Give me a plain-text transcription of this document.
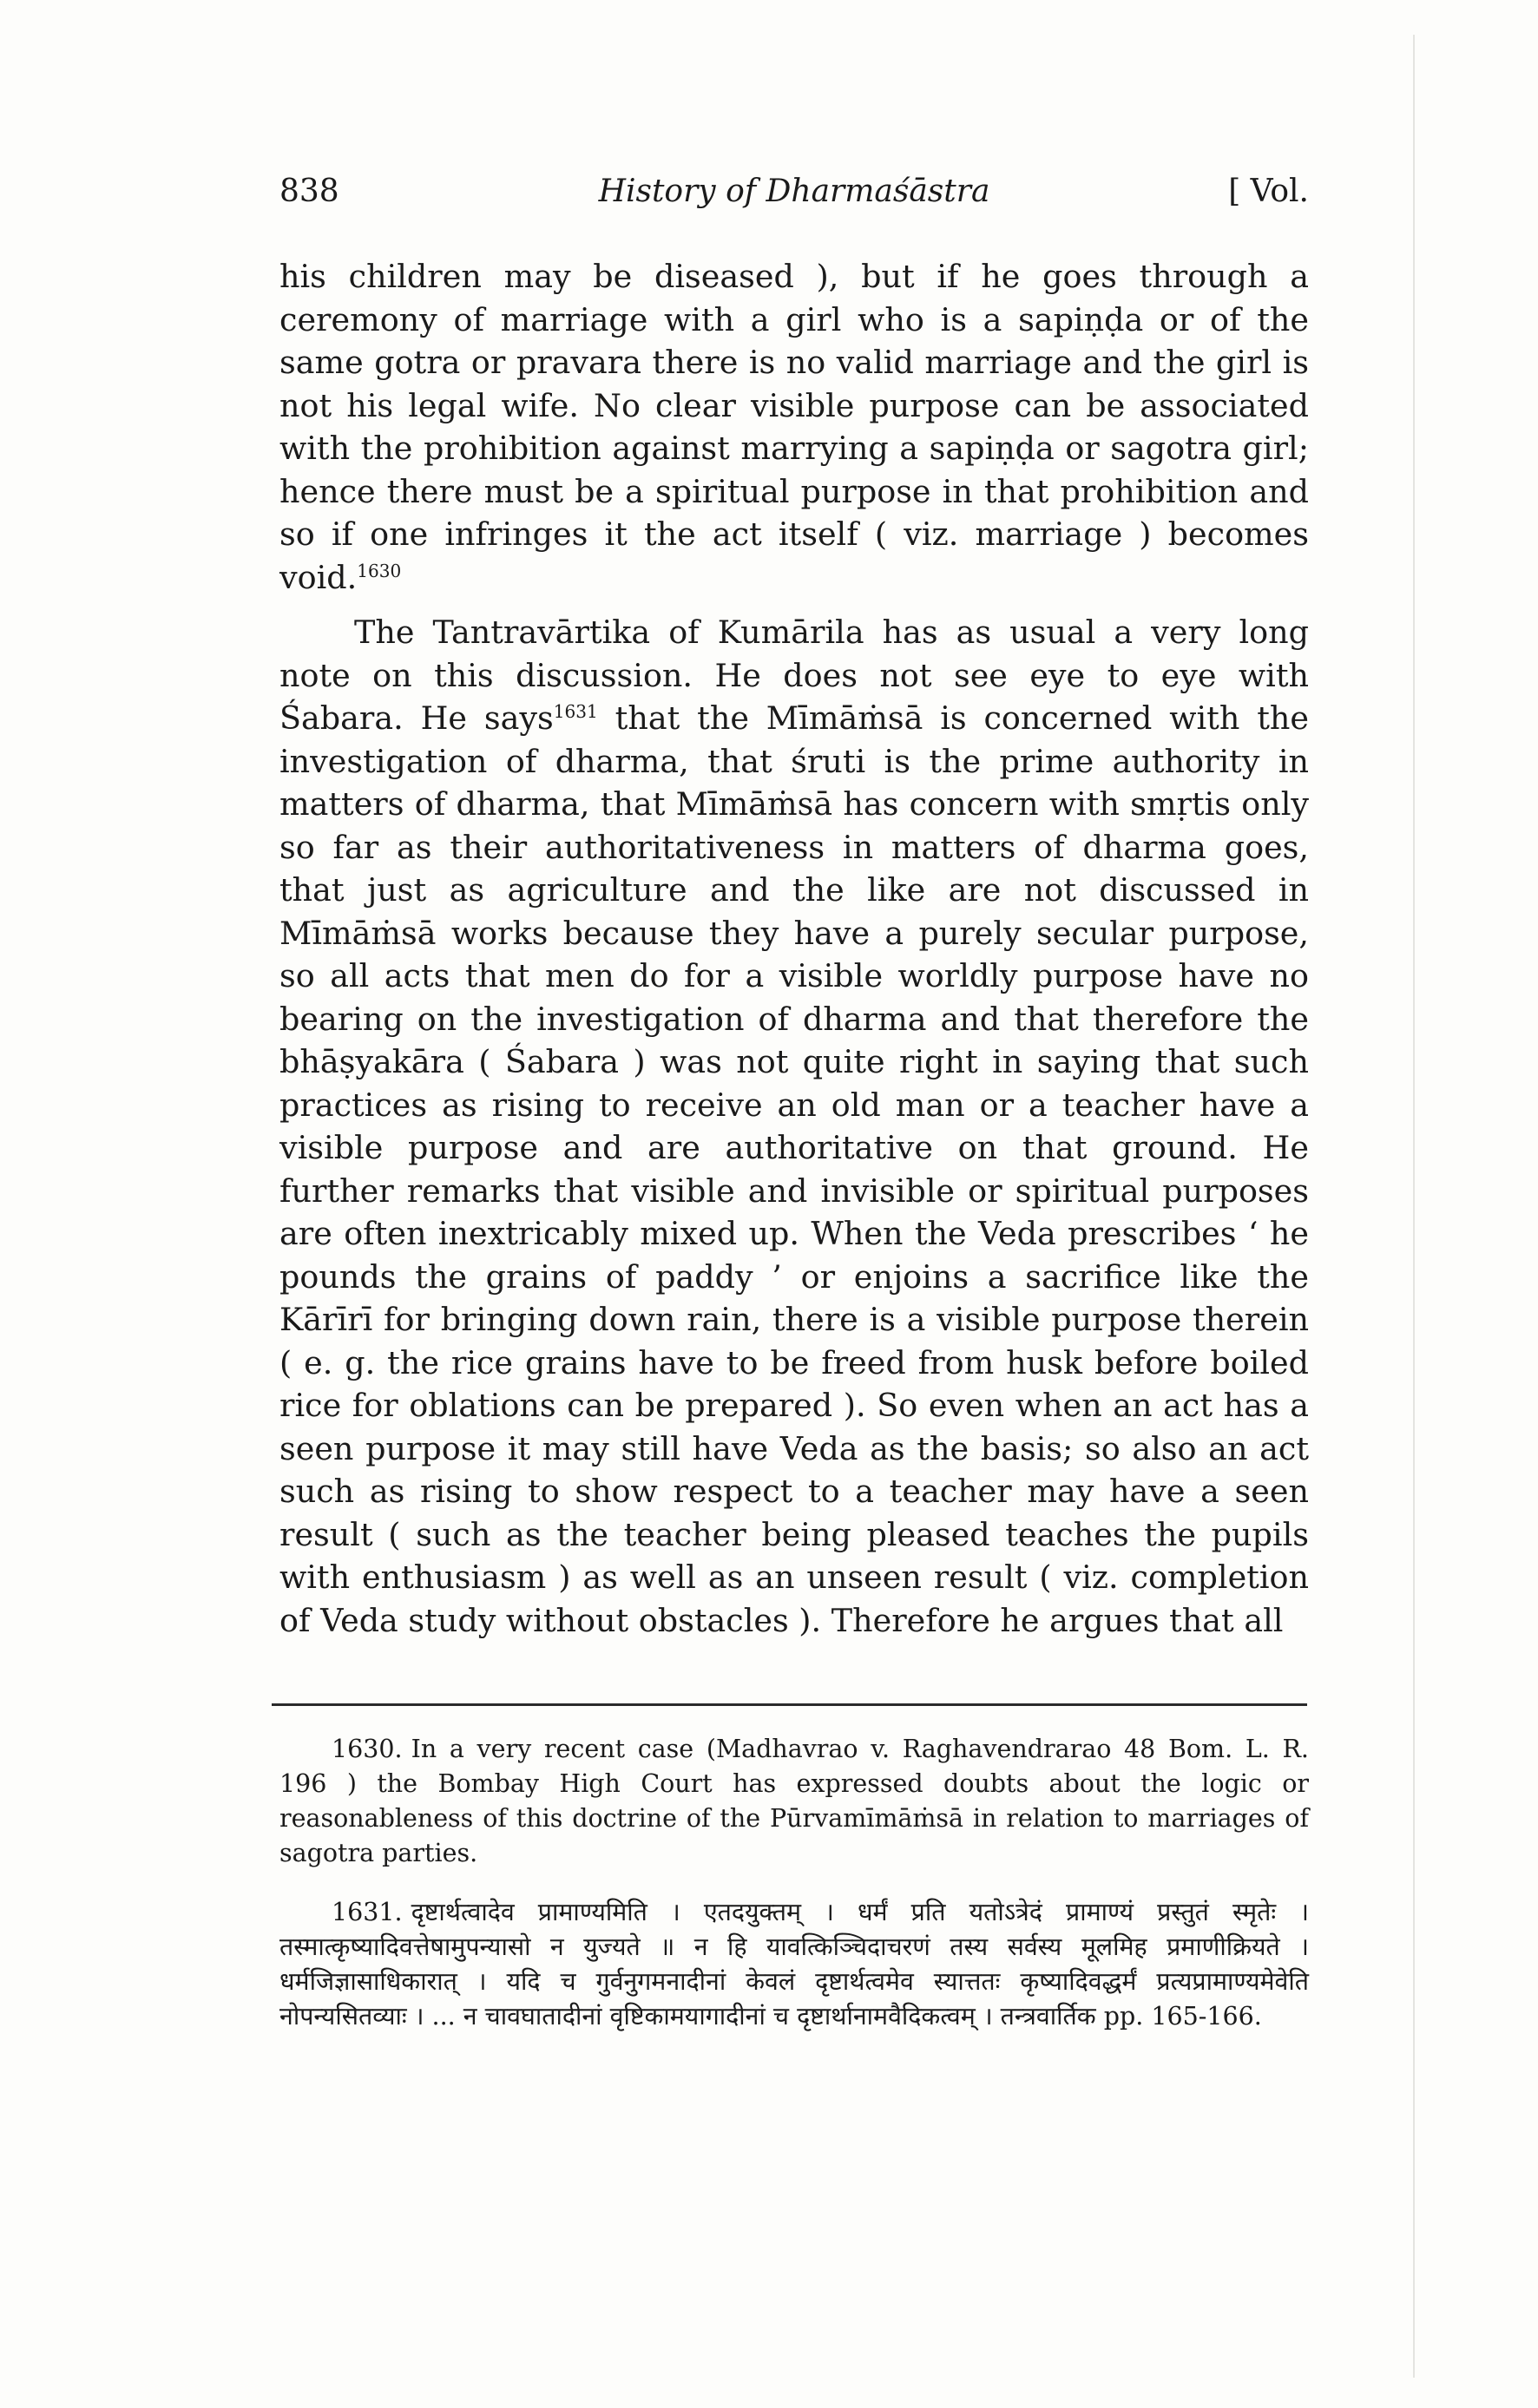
838	History of Dharmaśāstra	[ Vol.

his children may be diseased ), but if he goes through a ceremony of marriage with a girl who is a sapiṇḍa or of the same gotra or pravara there is no valid marriage and the girl is not his legal wife. No clear visible purpose can be associated with the prohibition against marrying a sapiṇḍa or sagotra girl; hence there must be a spiritual purpose in that prohibition and so if one infringes it the act itself ( viz. marriage ) becomes void.$^{1630}$

The Tantravārtika of Kumārila has as usual a very long note on this discussion. He does not see eye to eye with Śabara. He says$^{1631}$ that the Mīmāṁsā is concerned with the investigation of dharma, that śruti is the prime authority in matters of dharma, that Mīmāṁsā has concern with smṛtis only so far as their authoritativeness in matters of dharma goes, that just as agriculture and the like are not discussed in Mīmāṁsā works because they have a purely secular purpose, so all acts that men do for a visible worldly purpose have no bearing on the investigation of dharma and that therefore the bhāṣyakāra ( Śabara ) was not quite right in saying that such practices as rising to receive an old man or a teacher have a visible purpose and are authoritative on that ground. He further remarks that visible and invisible or spiritual purposes are often inextricably mixed up. When the Veda prescribes ‘ he pounds the grains of paddy ’ or enjoins a sacrifice like the Kārīrī for bringing down rain, there is a visible purpose therein ( e. g. the rice grains have to be freed from husk before boiled rice for oblations can be prepared ). So even when an act has a seen purpose it may still have Veda as the basis; so also an act such as rising to show respect to a teacher may have a seen result ( such as the teacher being pleased teaches the pupils with enthusiasm ) as well as an unseen result ( viz. completion of Veda study without obstacles ). Therefore he argues that all

1630. In a very recent case (Madhavrao v. Raghavendrarao 48 Bom. L. R. 196 ) the Bombay High Court has expressed doubts about the logic or reasonableness of this doctrine of the Pūrvamīmāṁsā in relation to marriages of sagotra parties.

1631. दृष्टार्थत्वादेव प्रामाण्यमिति । एतदयुक्तम् । धर्मं प्रति यतोऽत्रेदं प्रामाण्यं प्रस्तुतं स्मृतेः । तस्मात्कृष्यादिवत्तेषामुपन्यासो न युज्यते ॥ न हि यावत्किञ्चिदाचरणं तस्य सर्वस्य मूलमिह प्रमाणीक्रियते । धर्मजिज्ञासाधिकारात् । यदि च गुर्वनुगमनादीनां केवलं दृष्टार्थत्वमेव स्यात्ततः कृष्यादिवद्धर्मं प्रत्यप्रामाण्यमेवेति नोपन्यसितव्याः । ... न चावघातादीनां वृष्टिकामयागादीनां च दृष्टार्थानामवैदिकत्वम् । तन्त्रवार्तिक pp. 165-166.
